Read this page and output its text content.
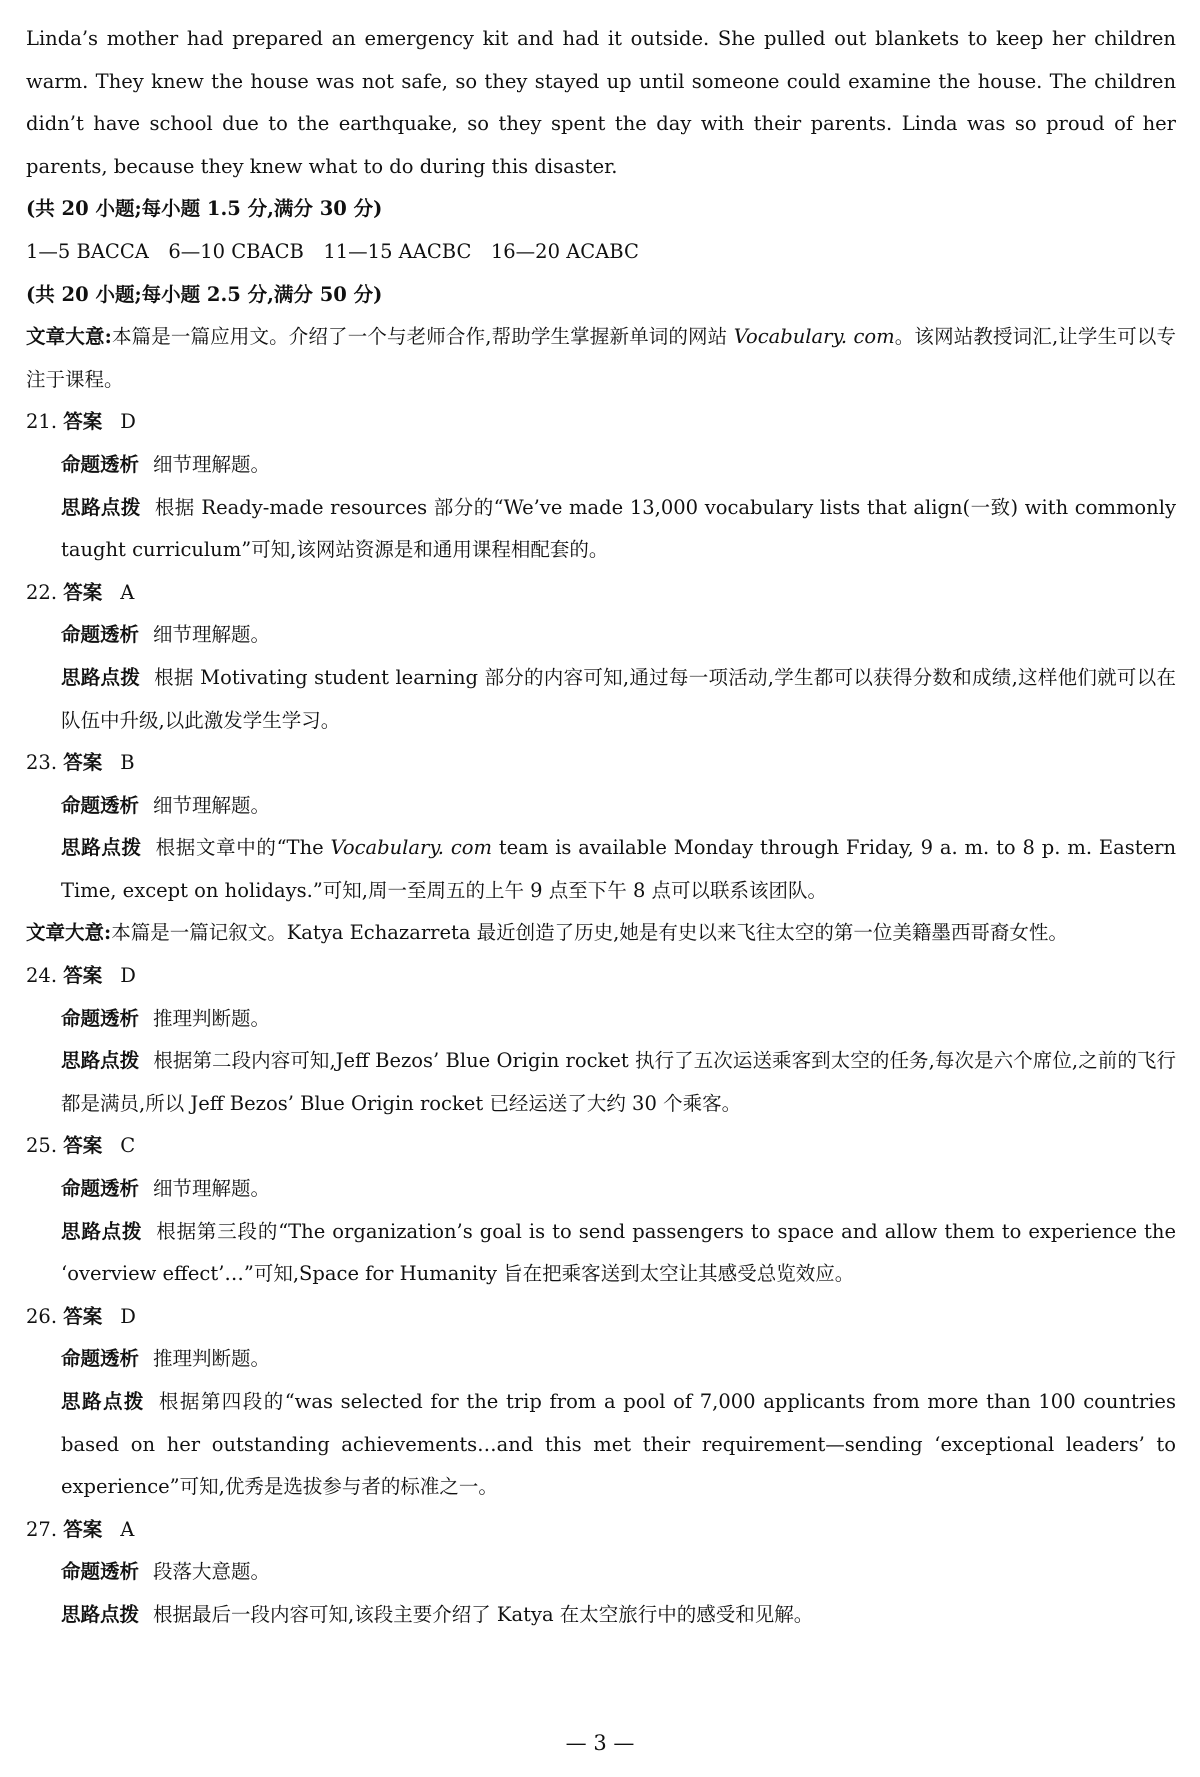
Linda’s mother had prepared an emergency kit and had it outside. She pulled out blankets to keep her children warm. They knew the house was not safe, so they stayed up until someone could examine the house. The children didn’t have school due to the earthquake, so they spent the day with their parents. Linda was so proud of her parents, because they knew what to do during this disaster.
(共 20 小题;每小题 1.5 分,满分 30 分)
1—5 BACCA　6—10 CBACB　11—15 AACBC　16—20 ACABC
(共 20 小题;每小题 2.5 分,满分 50 分)
文章大意:本篇是一篇应用文。介绍了一个与老师合作,帮助学生掌握新单词的网站 Vocabulary. com。该网站教授词汇,让学生可以专注于课程。
21. 答案 D
命题透析 细节理解题。
思路点拨 根据 Ready-made resources 部分的“We’ve made 13,000 vocabulary lists that align(一致) with commonly taught curriculum”可知,该网站资源是和通用课程相配套的。
22. 答案 A
命题透析 细节理解题。
思路点拨 根据 Motivating student learning 部分的内容可知,通过每一项活动,学生都可以获得分数和成绩,这样他们就可以在队伍中升级,以此激发学生学习。
23. 答案 B
命题透析 细节理解题。
思路点拨 根据文章中的“The Vocabulary. com team is available Monday through Friday, 9 a. m. to 8 p. m. Eastern Time, except on holidays.”可知,周一至周五的上午 9 点至下午 8 点可以联系该团队。
文章大意:本篇是一篇记叙文。Katya Echazarreta 最近创造了历史,她是有史以来飞往太空的第一位美籍墨西哥裔女性。
24. 答案 D
命题透析 推理判断题。
思路点拨 根据第二段内容可知,Jeff Bezos’ Blue Origin rocket 执行了五次运送乘客到太空的任务,每次是六个席位,之前的飞行都是满员,所以 Jeff Bezos’ Blue Origin rocket 已经运送了大约 30 个乘客。
25. 答案 C
命题透析 细节理解题。
思路点拨 根据第三段的“The organization’s goal is to send passengers to space and allow them to experience the ‘overview effect’…”可知,Space for Humanity 旨在把乘客送到太空让其感受总览效应。
26. 答案 D
命题透析 推理判断题。
思路点拨 根据第四段的“was selected for the trip from a pool of 7,000 applicants from more than 100 countries based on her outstanding achievements…and this met their requirement—sending ‘exceptional leaders’ to experience”可知,优秀是选拔参与者的标准之一。
27. 答案 A
命题透析 段落大意题。
思路点拨 根据最后一段内容可知,该段主要介绍了 Katya 在太空旅行中的感受和见解。
— 3 —
